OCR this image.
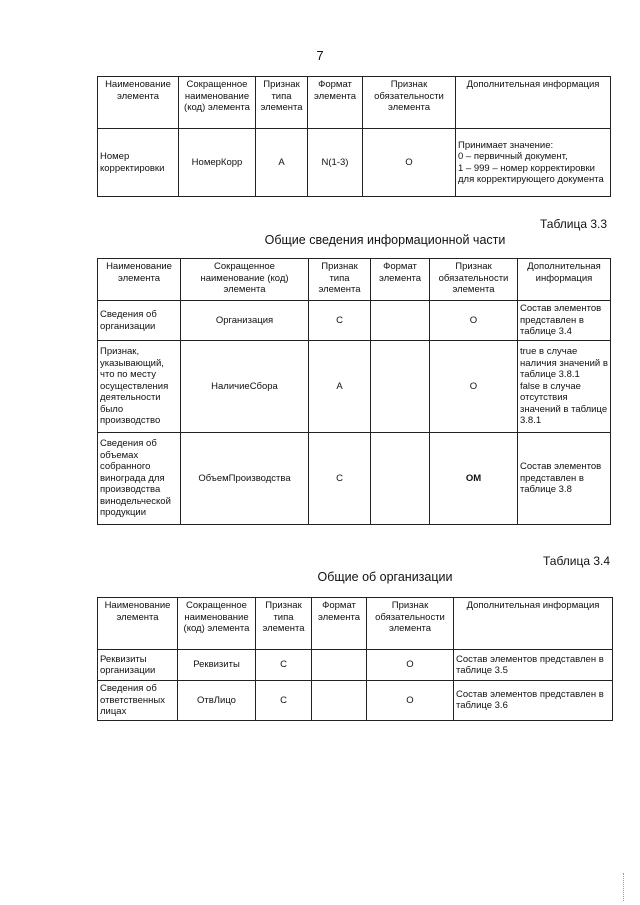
7
Наименование элемента	Сокращенное наименование (код) элемента	Признак типа элемента	Формат элемента	Признак обязательности элемента	Дополнительная информация
Номер корректировки	НомерКорр	А	N(1-3)	О	Принимает значение:
0 – первичный документ,
1 – 999 – номер корректировки для корректирующего документа
Таблица 3.3
Общие сведения информационной части
Наименование элемента	Сокращенное наименование (код) элемента	Признак типа элемента	Формат элемента	Признак обязательности элемента	Дополнительная информация
Сведения об организации	Организация	С		О	Состав элементов представлен в таблице 3.4
Признак, указывающий, что по месту осуществления деятельности было производство	НаличиеСбора	А		О	true в случае наличия значений в таблице 3.8.1
false в случае отсутствия значений в таблице 3.8.1
Сведения об объемах собранного винограда для производства винодельческой продукции	ОбъемПроизводства	С		ОМ	Состав элементов представлен в таблице 3.8
Таблица 3.4
Общие об организации
Наименование элемента	Сокращенное наименование (код) элемента	Признак типа элемента	Формат элемента	Признак обязательности элемента	Дополнительная информация
Реквизиты организации	Реквизиты	С		О	Состав элементов представлен в таблице 3.5
Сведения об ответственных лицах	ОтвЛицо	С		О	Состав элементов представлен в таблице 3.6
